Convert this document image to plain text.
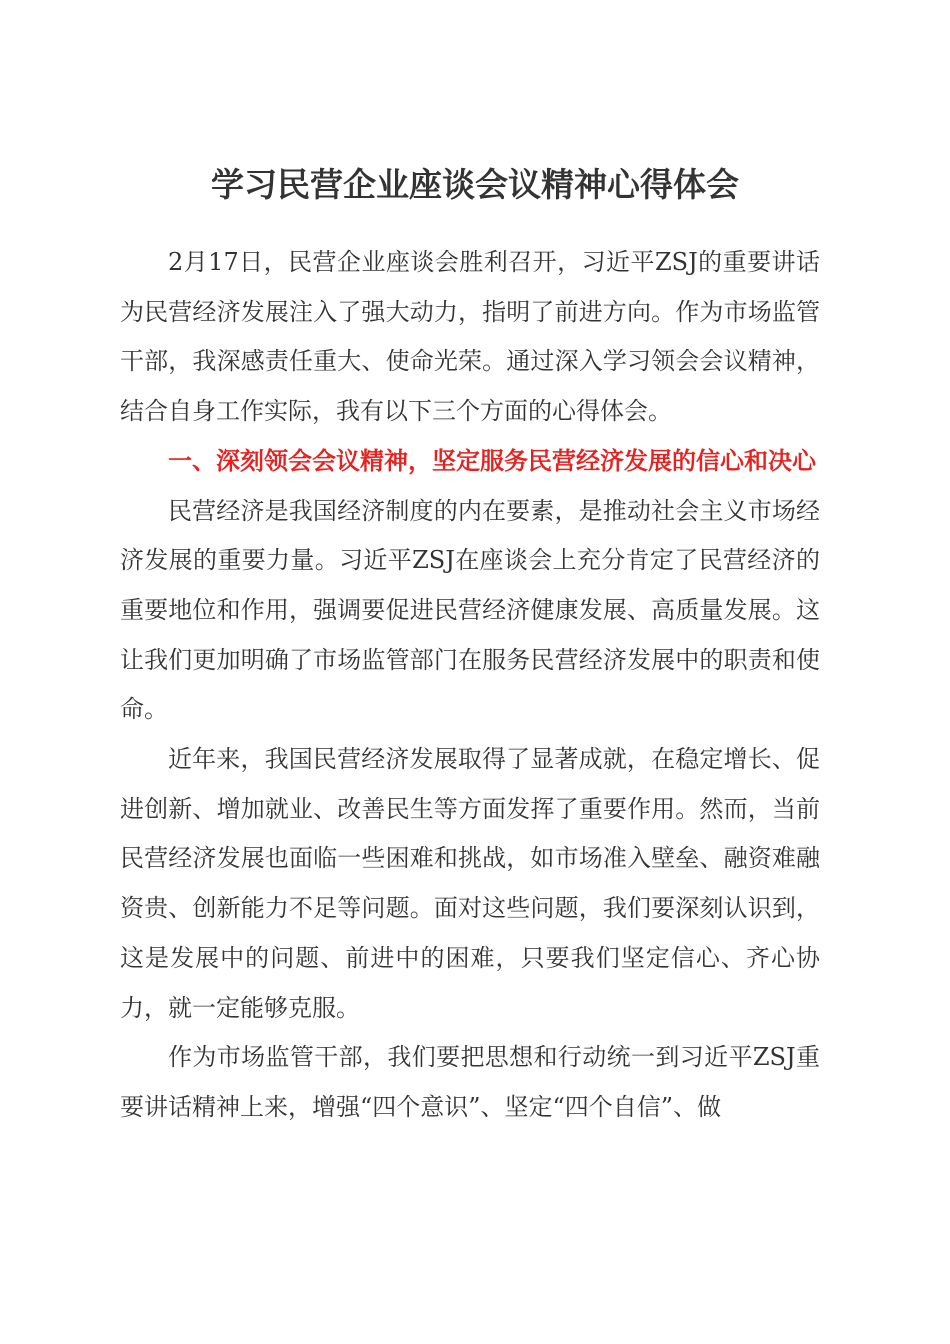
学习民营企业座谈会议精神心得体会

2月17日，民营企业座谈会胜利召开，习近平ZSJ的重要讲话为民营经济发展注入了强大动力，指明了前进方向。作为市场监管干部，我深感责任重大、使命光荣。通过深入学习领会会议精神，结合自身工作实际，我有以下三个方面的心得体会。

一、深刻领会会议精神，坚定服务民营经济发展的信心和决心

民营经济是我国经济制度的内在要素，是推动社会主义市场经济发展的重要力量。习近平ZSJ在座谈会上充分肯定了民营经济的重要地位和作用，强调要促进民营经济健康发展、高质量发展。这让我们更加明确了市场监管部门在服务民营经济发展中的职责和使命。

近年来，我国民营经济发展取得了显著成就，在稳定增长、促进创新、增加就业、改善民生等方面发挥了重要作用。然而，当前民营经济发展也面临一些困难和挑战，如市场准入壁垒、融资难融资贵、创新能力不足等问题。面对这些问题，我们要深刻认识到，这是发展中的问题、前进中的困难，只要我们坚定信心、齐心协力，就一定能够克服。

作为市场监管干部，我们要把思想和行动统一到习近平ZSJ重要讲话精神上来，增强“四个意识”、坚定“四个自信”、做
